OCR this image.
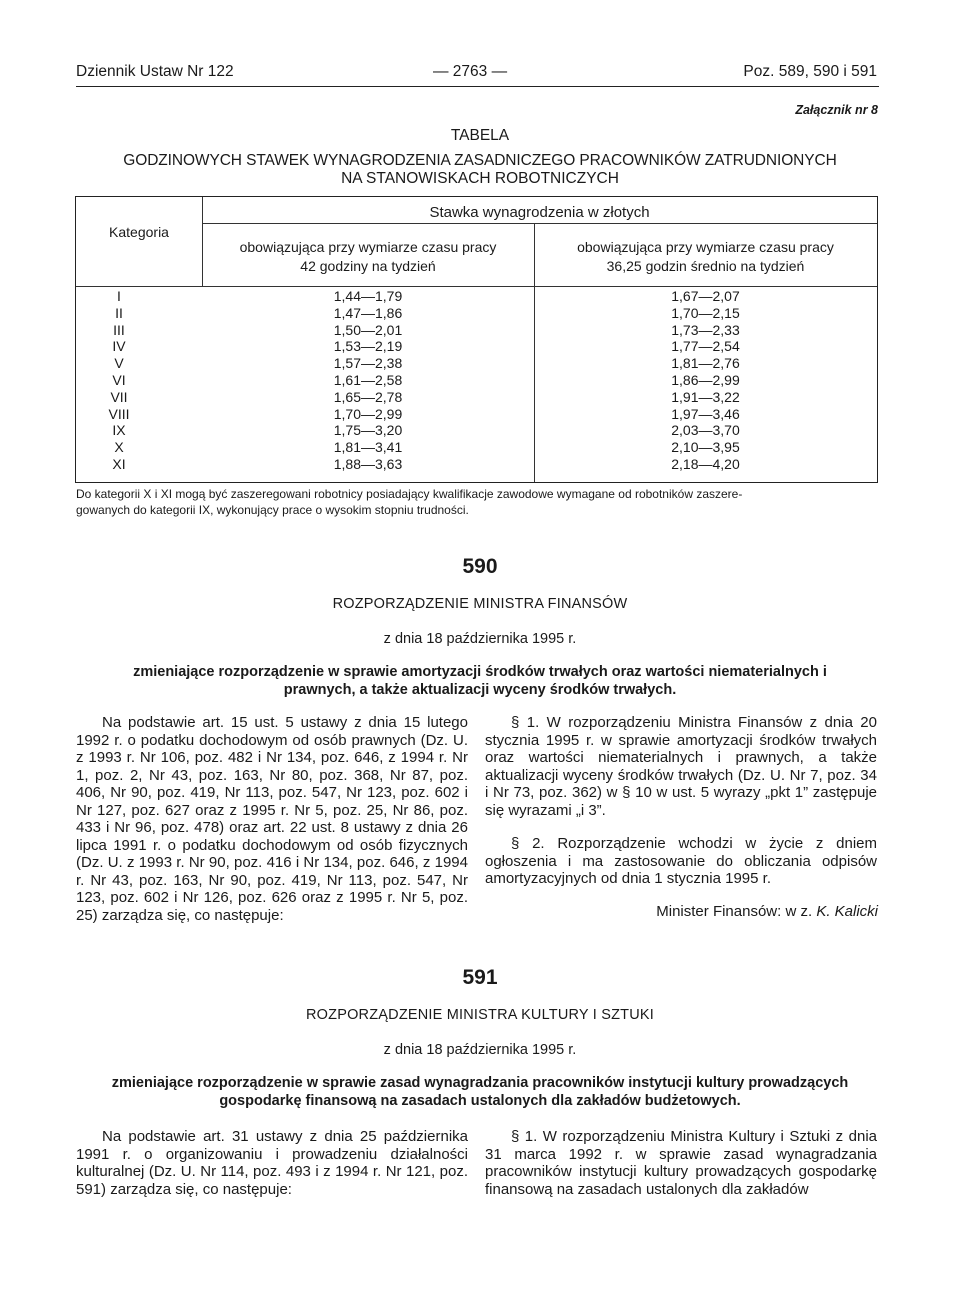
Dziennik Ustaw Nr 122	— 2763 —	Poz. 589, 590 i 591
Załącznik nr 8
TABELA
GODZINOWYCH STAWEK WYNAGRODZENIA ZASADNICZEGO PRACOWNIKÓW ZATRUDNIONYCH
NA STANOWISKACH ROBOTNICZYCH
Kategoria
Stawka wynagrodzenia w złotych
obowiązująca przy wymiarze czasu pracy
42 godziny na tydzień
obowiązująca przy wymiarze czasu pracy
36,25 godzin średnio na tydzień
I
II
III
IV
V
VI
VII
VIII
IX
X
XI
1,44—1,79
1,47—1,86
1,50—2,01
1,53—2,19
1,57—2,38
1,61—2,58
1,65—2,78
1,70—2,99
1,75—3,20
1,81—3,41
1,88—3,63
1,67—2,07
1,70—2,15
1,73—2,33
1,77—2,54
1,81—2,76
1,86—2,99
1,91—3,22
1,97—3,46
2,03—3,70
2,10—3,95
2,18—4,20
Do kategorii X i XI mogą być zaszeregowani robotnicy posiadający kwalifikacje zawodowe wymagane od robotników zaszere-
gowanych do kategorii IX, wykonujący prace o wysokim stopniu trudności.
590
ROZPORZĄDZENIE MINISTRA FINANSÓW
z dnia 18 października 1995 r.
zmieniające rozporządzenie w sprawie amortyzacji środków trwałych oraz wartości niematerialnych i
prawnych, a także aktualizacji wyceny środków trwałych.

Na podstawie art. 15 ust. 5 ustawy z dnia 15 lutego 1992 r. o podatku dochodowym od osób prawnych (Dz. U. z 1993 r. Nr 106, poz. 482 i Nr 134, poz. 646, z 1994 r. Nr 1, poz. 2, Nr 43, poz. 163, Nr 80, poz. 368, Nr 87, poz. 406, Nr 90, poz. 419, Nr 113, poz. 547, Nr 123, poz. 602 i Nr 127, poz. 627 oraz z 1995 r. Nr 5, poz. 25, Nr 86, poz. 433 i Nr 96, poz. 478) oraz art. 22 ust. 8 ustawy z dnia 26 lipca 1991 r. o podatku dochodowym od osób fizycznych (Dz. U. z 1993 r. Nr 90, poz. 416 i Nr 134, poz. 646, z 1994 r. Nr 43, poz. 163, Nr 90, poz. 419, Nr 113, poz. 547, Nr 123, poz. 602 i Nr 126, poz. 626 oraz z 1995 r. Nr 5, poz. 25) zarządza się, co następuje:

§ 1. W rozporządzeniu Ministra Finansów z dnia 20 stycznia 1995 r. w sprawie amortyzacji środków trwałych oraz wartości niematerialnych i prawnych, a także aktualizacji wyceny środków trwałych (Dz. U. Nr 7, poz. 34 i Nr 73, poz. 362) w § 10 w ust. 5 wyrazy „pkt 1” zastępuje się wyrazami „i 3”.

§ 2. Rozporządzenie wchodzi w życie z dniem ogłoszenia i ma zastosowanie do obliczania odpisów amortyzacyjnych od dnia 1 stycznia 1995 r.

Minister Finansów: w z. K. Kalicki
591
ROZPORZĄDZENIE MINISTRA KULTURY I SZTUKI
z dnia 18 października 1995 r.
zmieniające rozporządzenie w sprawie zasad wynagradzania pracowników instytucji kultury prowadzących
gospodarkę finansową na zasadach ustalonych dla zakładów budżetowych.

Na podstawie art. 31 ustawy z dnia 25 października 1991 r. o organizowaniu i prowadzeniu działalności kulturalnej (Dz. U. Nr 114, poz. 493 i z 1994 r. Nr 121, poz. 591) zarządza się, co następuje:

§ 1. W rozporządzeniu Ministra Kultury i Sztuki z dnia 31 marca 1992 r. w sprawie zasad wynagradzania pracowników instytucji kultury prowadzących gospodarkę finansową na zasadach ustalonych dla zakładów
